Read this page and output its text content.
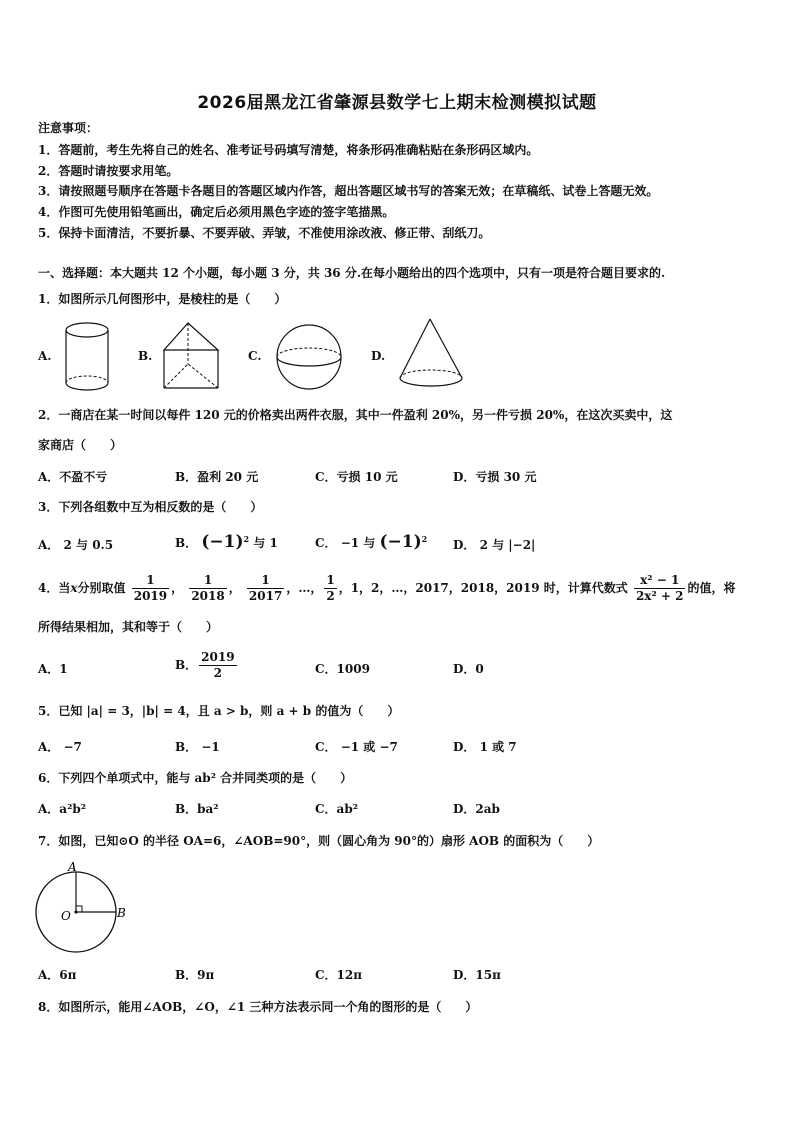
2026届黑龙江省肇源县数学七上期末检测模拟试题
注意事项：
1．答题前，考生先将自己的姓名、准考证号码填写清楚，将条形码准确粘贴在条形码区域内。
2．答题时请按要求用笔。
3．请按照题号顺序在答题卡各题目的答题区域内作答，超出答题区域书写的答案无效；在草稿纸、试卷上答题无效。
4．作图可先使用铅笔画出，确定后必须用黑色字迹的签字笔描黑。
5．保持卡面清洁，不要折暴、不要弄破、弄皱，不准使用涂改液、修正带、刮纸刀。
一、选择题：本大题共 12 个小题，每小题 3 分，共 36 分.在每小题给出的四个选项中，只有一项是符合题目要求的.
1．如图所示几何图形中，是棱柱的是（　　）
A.	B.	C.	D.
2．一商店在某一时间以每件 120 元的价格卖出两件衣服，其中一件盈利 20%，另一件亏损 20%，在这次买卖中，这
家商店（　　）
A．不盈不亏	B．盈利 20 元	C．亏损 10 元	D．亏损 30 元
3．下列各组数中互为相反数的是（　　）
A． 2 与 0.5	B． $(-1)^2$ 与 1	C． −1 与 $(-1)^2$ D． 2 与 |−2|
4．当x分别取值 $\frac{1}{2019}$ ， $\frac{1}{2018}$ ， $\frac{1}{2017}$ ，…， $\frac{1}{2}$ ，1，2，…，2017，2018，2019 时，计算代数式 $\frac{\text{x² − 1}}{\text{2x² + 2}}$ 的值，将
所得结果相加，其和等于（　　）
A．1	B． $\frac{2019}{2}$	C．1009	D．0
5．已知 |a| = 3，|b| = 4，且 a > b，则 a + b 的值为（　　）
A． −7	B． −1	C． −1 或 −7	D． 1 或 7
6．下列四个单项式中，能与 ab² 合并同类项的是（　　）
A．a²b²	B．ba²	C．ab²	D．2ab
7．如图，已知⊙O 的半径 OA=6，∠AOB=90°，则（圆心角为 90°的）扇形 AOB 的面积为（　　）
A
O	B
A．6π	B．9π	C．12π	D．15π
8．如图所示，能用∠AOB，∠O，∠1 三种方法表示同一个角的图形的是（　　）
